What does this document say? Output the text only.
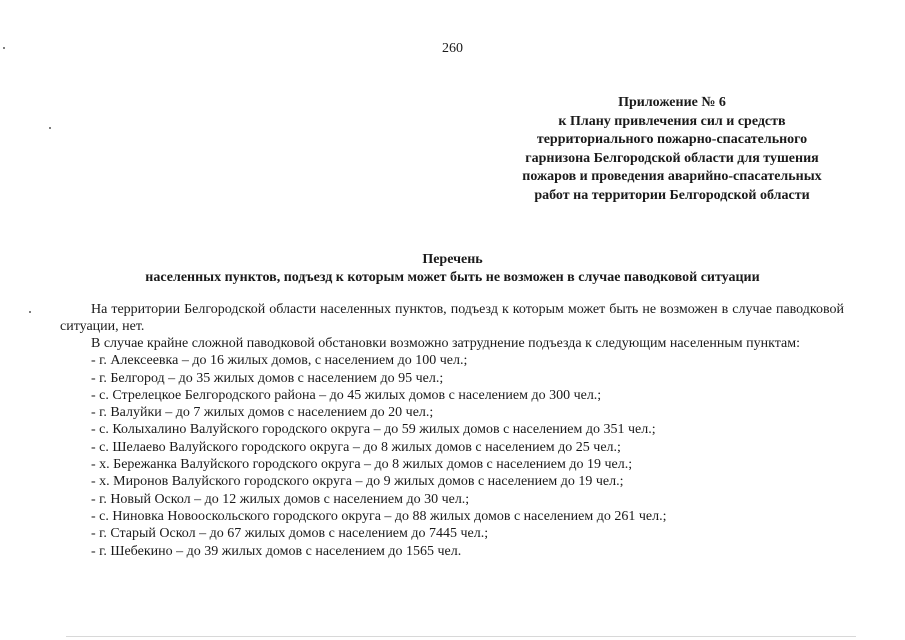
260
Приложение № 6
к Плану привлечения сил и средств
территориального пожарно-спасательного
гарнизона Белгородской области для тушения
пожаров и проведения аварийно-спасательных
работ на территории Белгородской области
Перечень
населенных пунктов, подъезд к которым может быть не возможен в случае паводковой ситуации

На территории Белгородской области населенных пунктов, подъезд к которым может быть не возможен в случае паводковой ситуации, нет.

В случае крайне сложной паводковой обстановки возможно затруднение подъезда к следующим населенным пунктам:

- г. Алексеевка – до 16 жилых домов, с населением до 100 чел.;
- г. Белгород – до 35 жилых домов с населением до 95 чел.;
- с. Стрелецкое Белгородского района – до 45 жилых домов с населением до 300 чел.;
- г. Валуйки – до 7 жилых домов с населением до 20 чел.;
- с. Колыхалино Валуйского городского округа – до 59 жилых домов с населением до 351 чел.;
- с. Шелаево Валуйского городского округа – до 8 жилых домов с населением до 25 чел.;
- х. Бережанка Валуйского городского округа – до 8 жилых домов с населением до 19 чел.;
- х. Миронов Валуйского городского округа – до 9 жилых домов с населением до 19 чел.;
- г. Новый Оскол – до 12 жилых домов с населением до 30 чел.;
- с. Ниновка Новооскольского городского округа – до 88 жилых домов с населением до 261 чел.;
- г. Старый Оскол – до 67 жилых домов с населением до 7445 чел.;
- г. Шебекино – до 39 жилых домов с населением до 1565 чел.
